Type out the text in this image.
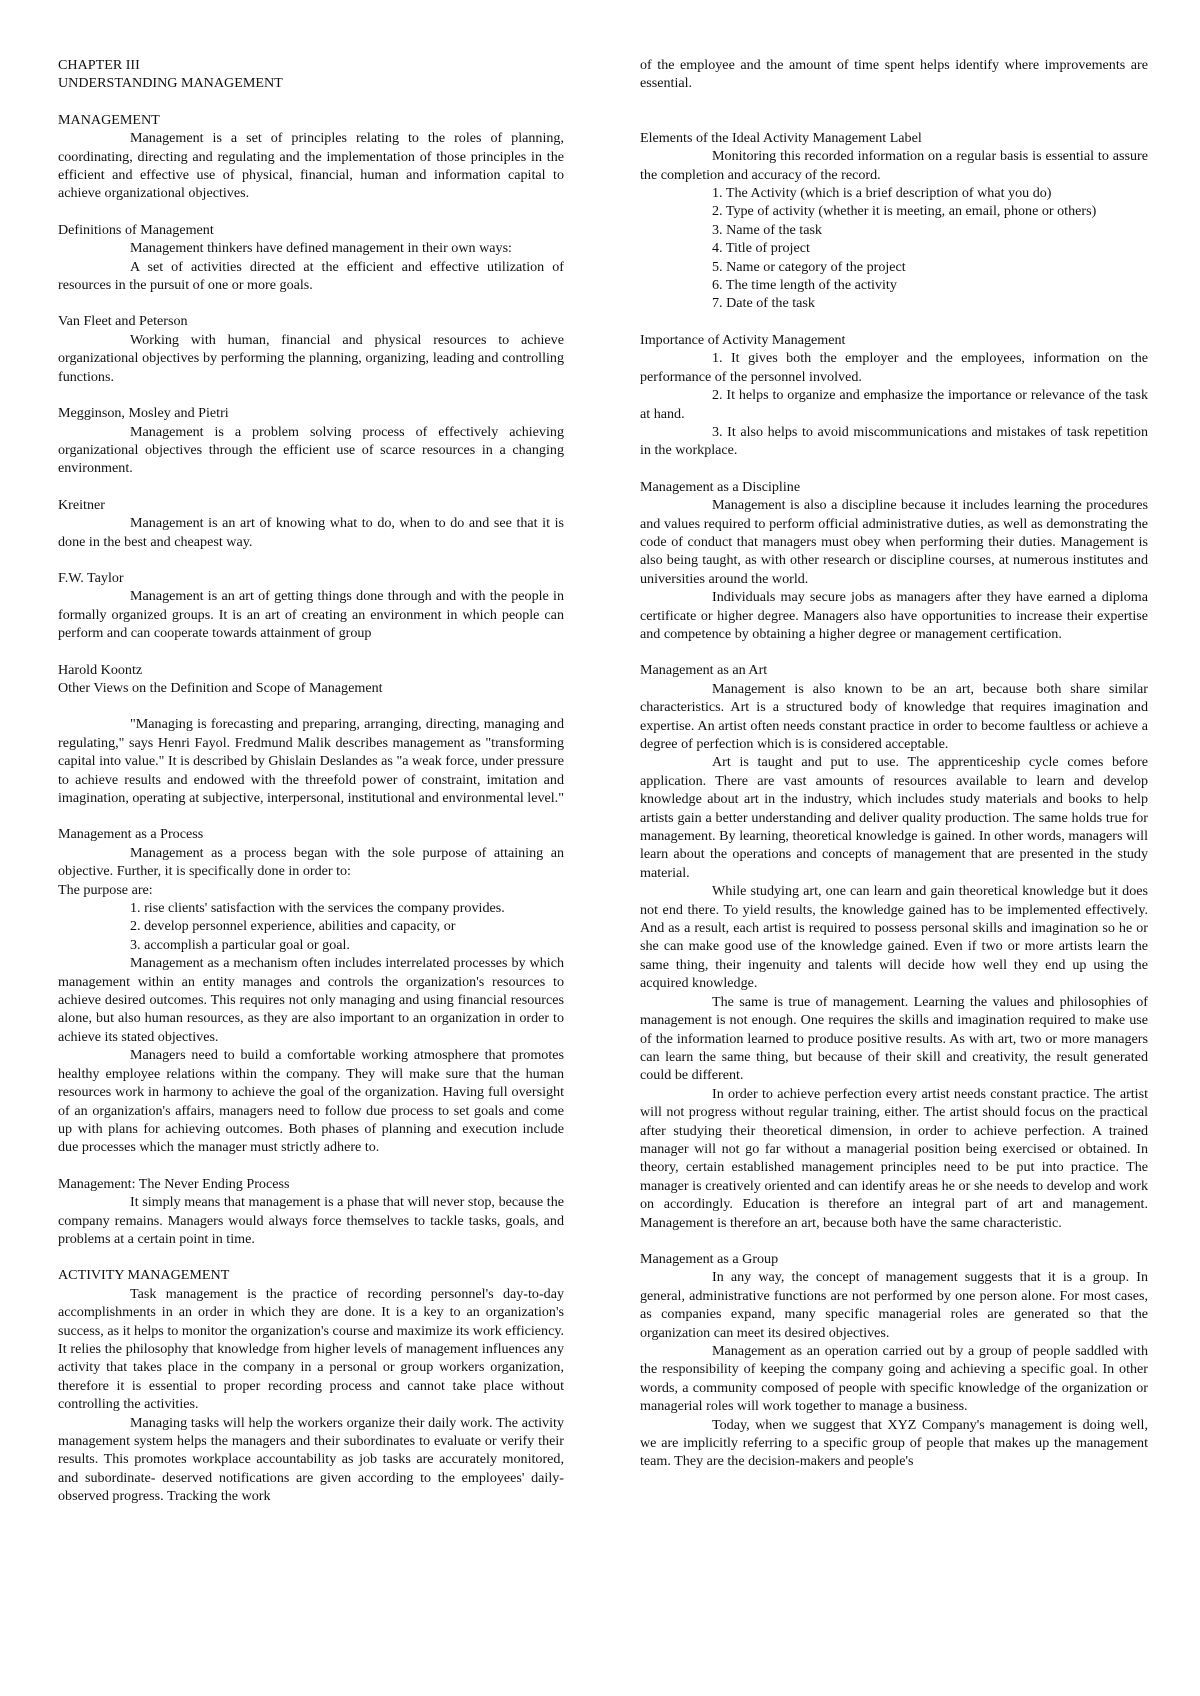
CHAPTER III

UNDERSTANDING MANAGEMENT

MANAGEMENT

Management is a set of principles relating to the roles of planning, coordinating, directing and regulating and the implementation of those principles in the efficient and effective use of physical, financial, human and information capital to achieve organizational objectives.

Definitions of Management

Management thinkers have defined management in their own ways:

A set of activities directed at the efficient and effective utilization of resources in the pursuit of one or more goals.

Van Fleet and Peterson

Working with human, financial and physical resources to achieve organizational objectives by performing the planning, organizing, leading and controlling functions.

Megginson, Mosley and Pietri

Management is a problem solving process of effectively achieving organizational objectives through the efficient use of scarce resources in a changing environment.

Kreitner

Management is an art of knowing what to do, when to do and see that it is done in the best and cheapest way.

F.W. Taylor

Management is an art of getting things done through and with the people in formally organized groups. It is an art of creating an environment in which people can perform and can cooperate towards attainment of group

Harold Koontz

Other Views on the Definition and Scope of Management

"Managing is forecasting and preparing, arranging, directing, managing and regulating," says Henri Fayol. Fredmund Malik describes management as "transforming capital into value." It is described by Ghislain Deslandes as "a weak force, under pressure to achieve results and endowed with the threefold power of constraint, imitation and imagination, operating at subjective, interpersonal, institutional and environmental level."

Management as a Process

Management as a process began with the sole purpose of attaining an objective. Further, it is specifically done in order to:

The purpose are:

1. rise clients' satisfaction with the services the company provides.

2. develop personnel experience, abilities and capacity, or

3. accomplish a particular goal or goal.

Management as a mechanism often includes interrelated processes by which management within an entity manages and controls the organization's resources to achieve desired outcomes. This requires not only managing and using financial resources alone, but also human resources, as they are also important to an organization in order to achieve its stated objectives.

Managers need to build a comfortable working atmosphere that promotes healthy employee relations within the company. They will make sure that the human resources work in harmony to achieve the goal of the organization. Having full oversight of an organization's affairs, managers need to follow due process to set goals and come up with plans for achieving outcomes. Both phases of planning and execution include due processes which the manager must strictly adhere to.

Management: The Never Ending Process

It simply means that management is a phase that will never stop, because the company remains. Managers would always force themselves to tackle tasks, goals, and problems at a certain point in time.

ACTIVITY MANAGEMENT

Task management is the practice of recording personnel's day-to-day accomplishments in an order in which they are done. It is a key to an organization's success, as it helps to monitor the organization's course and maximize its work efficiency. It relies the philosophy that knowledge from higher levels of management influences any activity that takes place in the company in a personal or group workers organization, therefore it is essential to proper recording process and cannot take place without controlling the activities.

Managing tasks will help the workers organize their daily work. The activity management system helps the managers and their subordinates to evaluate or verify their results. This promotes workplace accountability as job tasks are accurately monitored, and subordinate- deserved notifications are given according to the employees' daily-observed progress. Tracking the work

of the employee and the amount of time spent helps identify where improvements are essential.

Elements of the Ideal Activity Management Label

Monitoring this recorded information on a regular basis is essential to assure the completion and accuracy of the record.

1. The Activity (which is a brief description of what you do)

2. Type of activity (whether it is meeting, an email, phone or others)

3. Name of the task

4. Title of project

5. Name or category of the project

6. The time length of the activity

7. Date of the task

Importance of Activity Management

1. It gives both the employer and the employees, information on the performance of the personnel involved.

2. It helps to organize and emphasize the importance or relevance of the task at hand.

3. It also helps to avoid miscommunications and mistakes of task repetition in the workplace.

Management as a Discipline

Management is also a discipline because it includes learning the procedures and values required to perform official administrative duties, as well as demonstrating the code of conduct that managers must obey when performing their duties. Management is also being taught, as with other research or discipline courses, at numerous institutes and universities around the world.

Individuals may secure jobs as managers after they have earned a diploma certificate or higher degree. Managers also have opportunities to increase their expertise and competence by obtaining a higher degree or management certification.

Management as an Art

Management is also known to be an art, because both share similar characteristics. Art is a structured body of knowledge that requires imagination and expertise. An artist often needs constant practice in order to become faultless or achieve a degree of perfection which is is considered acceptable.

Art is taught and put to use. The apprenticeship cycle comes before application. There are vast amounts of resources available to learn and develop knowledge about art in the industry, which includes study materials and books to help artists gain a better understanding and deliver quality production. The same holds true for management. By learning, theoretical knowledge is gained. In other words, managers will learn about the operations and concepts of management that are presented in the study material.

While studying art, one can learn and gain theoretical knowledge but it does not end there. To yield results, the knowledge gained has to be implemented effectively. And as a result, each artist is required to possess personal skills and imagination so he or she can make good use of the knowledge gained. Even if two or more artists learn the same thing, their ingenuity and talents will decide how well they end up using the acquired knowledge.

The same is true of management. Learning the values and philosophies of management is not enough. One requires the skills and imagination required to make use of the information learned to produce positive results. As with art, two or more managers can learn the same thing, but because of their skill and creativity, the result generated could be different.

In order to achieve perfection every artist needs constant practice. The artist will not progress without regular training, either. The artist should focus on the practical after studying their theoretical dimension, in order to achieve perfection. A trained manager will not go far without a managerial position being exercised or obtained. In theory, certain established management principles need to be put into practice. The manager is creatively oriented and can identify areas he or she needs to develop and work on accordingly. Education is therefore an integral part of art and management. Management is therefore an art, because both have the same characteristic.

Management as a Group

In any way, the concept of management suggests that it is a group. In general, administrative functions are not performed by one person alone. For most cases, as companies expand, many specific managerial roles are generated so that the organization can meet its desired objectives.

Management as an operation carried out by a group of people saddled with the responsibility of keeping the company going and achieving a specific goal. In other words, a community composed of people with specific knowledge of the organization or managerial roles will work together to manage a business.

Today, when we suggest that XYZ Company's management is doing well, we are implicitly referring to a specific group of people that makes up the management team. They are the decision-makers and people's
